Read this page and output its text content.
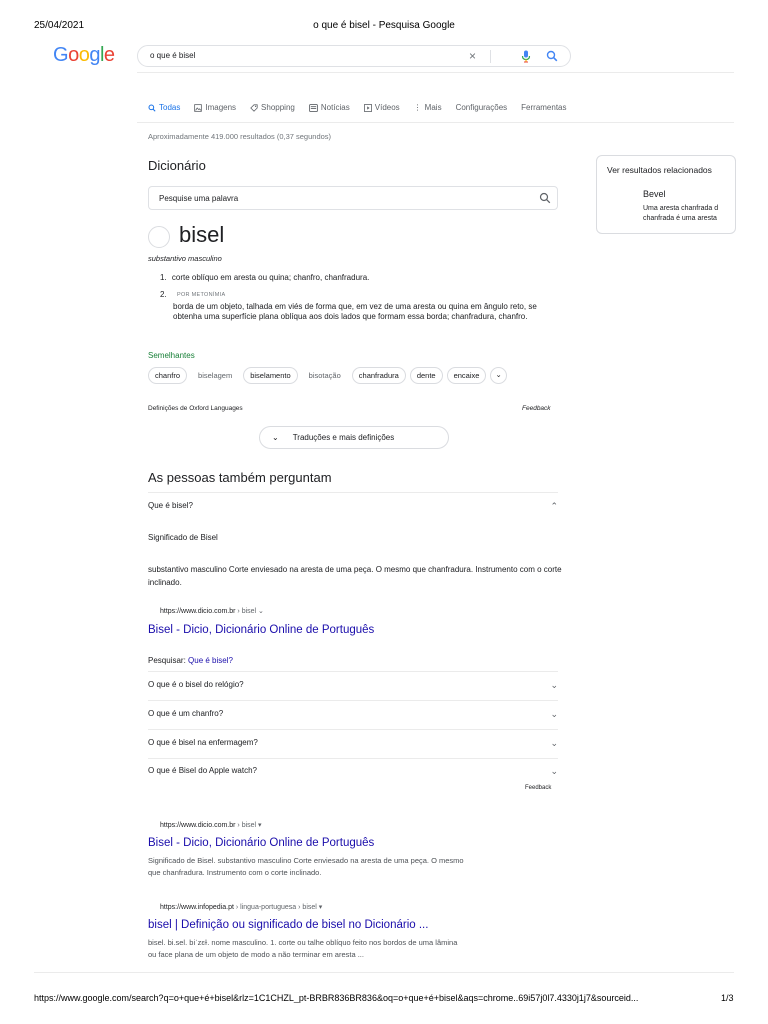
25/04/2021	o que é bisel - Pesquisa Google
Google	o que é bisel	×
Todas	Imagens	Shopping	Notícias	Vídeos ⋮ Mais Configurações Ferramentas
Aproximadamente 419.000 resultados (0,37 segundos)
Dicionário
Pesquise uma palavra
bisel
substantivo masculino
1. corte oblíquo em aresta ou quina; chanfro, chanfradura.
2. POR METONÍMIA
borda de um objeto, talhada em viés de forma que, em vez de uma aresta ou quina em ângulo reto, se obtenha uma superfície plana oblíqua aos dois lados que formam essa borda; chanfradura, chanfro.
Semelhantes
chanfro	biselagem	biselamento	bisotação	chanfradura	dente	encaixe	⌄
Definições de Oxford Languages	Feedback
⌄ Traduções e mais definições
Ver resultados relacionados
Bevel
Uma aresta chanfrada d
chanfrada é uma aresta
As pessoas também perguntam
Que é bisel?	⌃
Significado de Bisel
substantivo masculino Corte enviesado na aresta de uma peça. O mesmo que chanfradura. Instrumento com o corte inclinado.
https://www.dicio.com.br › bisel ⌄
Bisel - Dicio, Dicionário Online de Português
Pesquisar: Que é bisel?
O que é o bisel do relógio?	⌄
O que é um chanfro?	⌄
O que é bisel na enfermagem?	⌄
O que é Bisel do Apple watch?	⌄
Feedback
https://www.dicio.com.br › bisel ▾
Bisel - Dicio, Dicionário Online de Português
Significado de Bisel. substantivo masculino Corte enviesado na aresta de uma peça. O mesmo
que chanfradura. Instrumento com o corte inclinado.
https://www.infopedia.pt › lingua-portuguesa › bisel ▾
bisel | Definição ou significado de bisel no Dicionário ...
bisel. bi.sel. biˈzɛɫ. nome masculino. 1. corte ou talhe oblíquo feito nos bordos de uma lâmina
ou face plana de um objeto de modo a não terminar em aresta ...
https://www.google.com/search?q=o+que+é+bisel&rlz=1C1CHZL_pt-BRBR836BR836&oq=o+que+é+bisel&aqs=chrome..69i57j0l7.4330j1j7&sourceid...	1/3
